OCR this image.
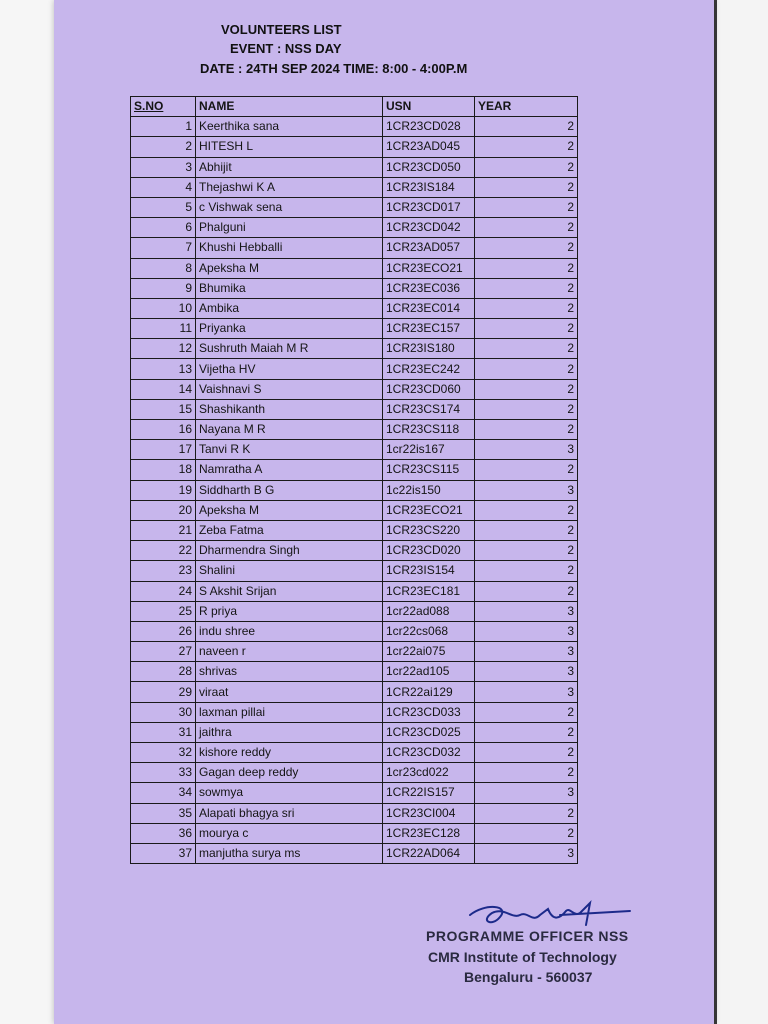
VOLUNTEERS LIST
EVENT : NSS DAY
DATE : 24TH SEP 2024 TIME: 8:00 - 4:00P.M
S.NO	NAME	USN	YEAR
1	Keerthika sana	1CR23CD028	2
2	HITESH L	1CR23AD045	2
3	Abhijit	1CR23CD050	2
4	Thejashwi K A	1CR23IS184	2
5	c Vishwak sena	1CR23CD017	2
6	Phalguni	1CR23CD042	2
7	Khushi Hebballi	1CR23AD057	2
8	Apeksha M	1CR23ECO21	2
9	Bhumika	1CR23EC036	2
10	Ambika	1CR23EC014	2
11	Priyanka	1CR23EC157	2
12	Sushruth Maiah M R	1CR23IS180	2
13	Vijetha HV	1CR23EC242	2
14	Vaishnavi S	1CR23CD060	2
15	Shashikanth	1CR23CS174	2
16	Nayana M R	1CR23CS118	2
17	Tanvi R K	1cr22is167	3
18	Namratha A	1CR23CS115	2
19	Siddharth B G	1c22is150	3
20	Apeksha M	1CR23ECO21	2
21	Zeba Fatma	1CR23CS220	2
22	Dharmendra Singh	1CR23CD020	2
23	Shalini	1CR23IS154	2
24	S Akshit Srijan	1CR23EC181	2
25	R priya	1cr22ad088	3
26	indu shree	1cr22cs068	3
27	naveen r	1cr22ai075	3
28	shrivas	1cr22ad105	3
29	viraat	1CR22ai129	3
30	laxman pillai	1CR23CD033	2
31	jaithra	1CR23CD025	2
32	kishore reddy	1CR23CD032	2
33	Gagan deep reddy	1cr23cd022	2
34	sowmya	1CR22IS157	3
35	Alapati bhagya sri	1CR23CI004	2
36	mourya c	1CR23EC128	2
37	manjutha surya ms	1CR22AD064	3
PROGRAMME OFFICER NSS
CMR Institute of Technology
Bengaluru - 560037
